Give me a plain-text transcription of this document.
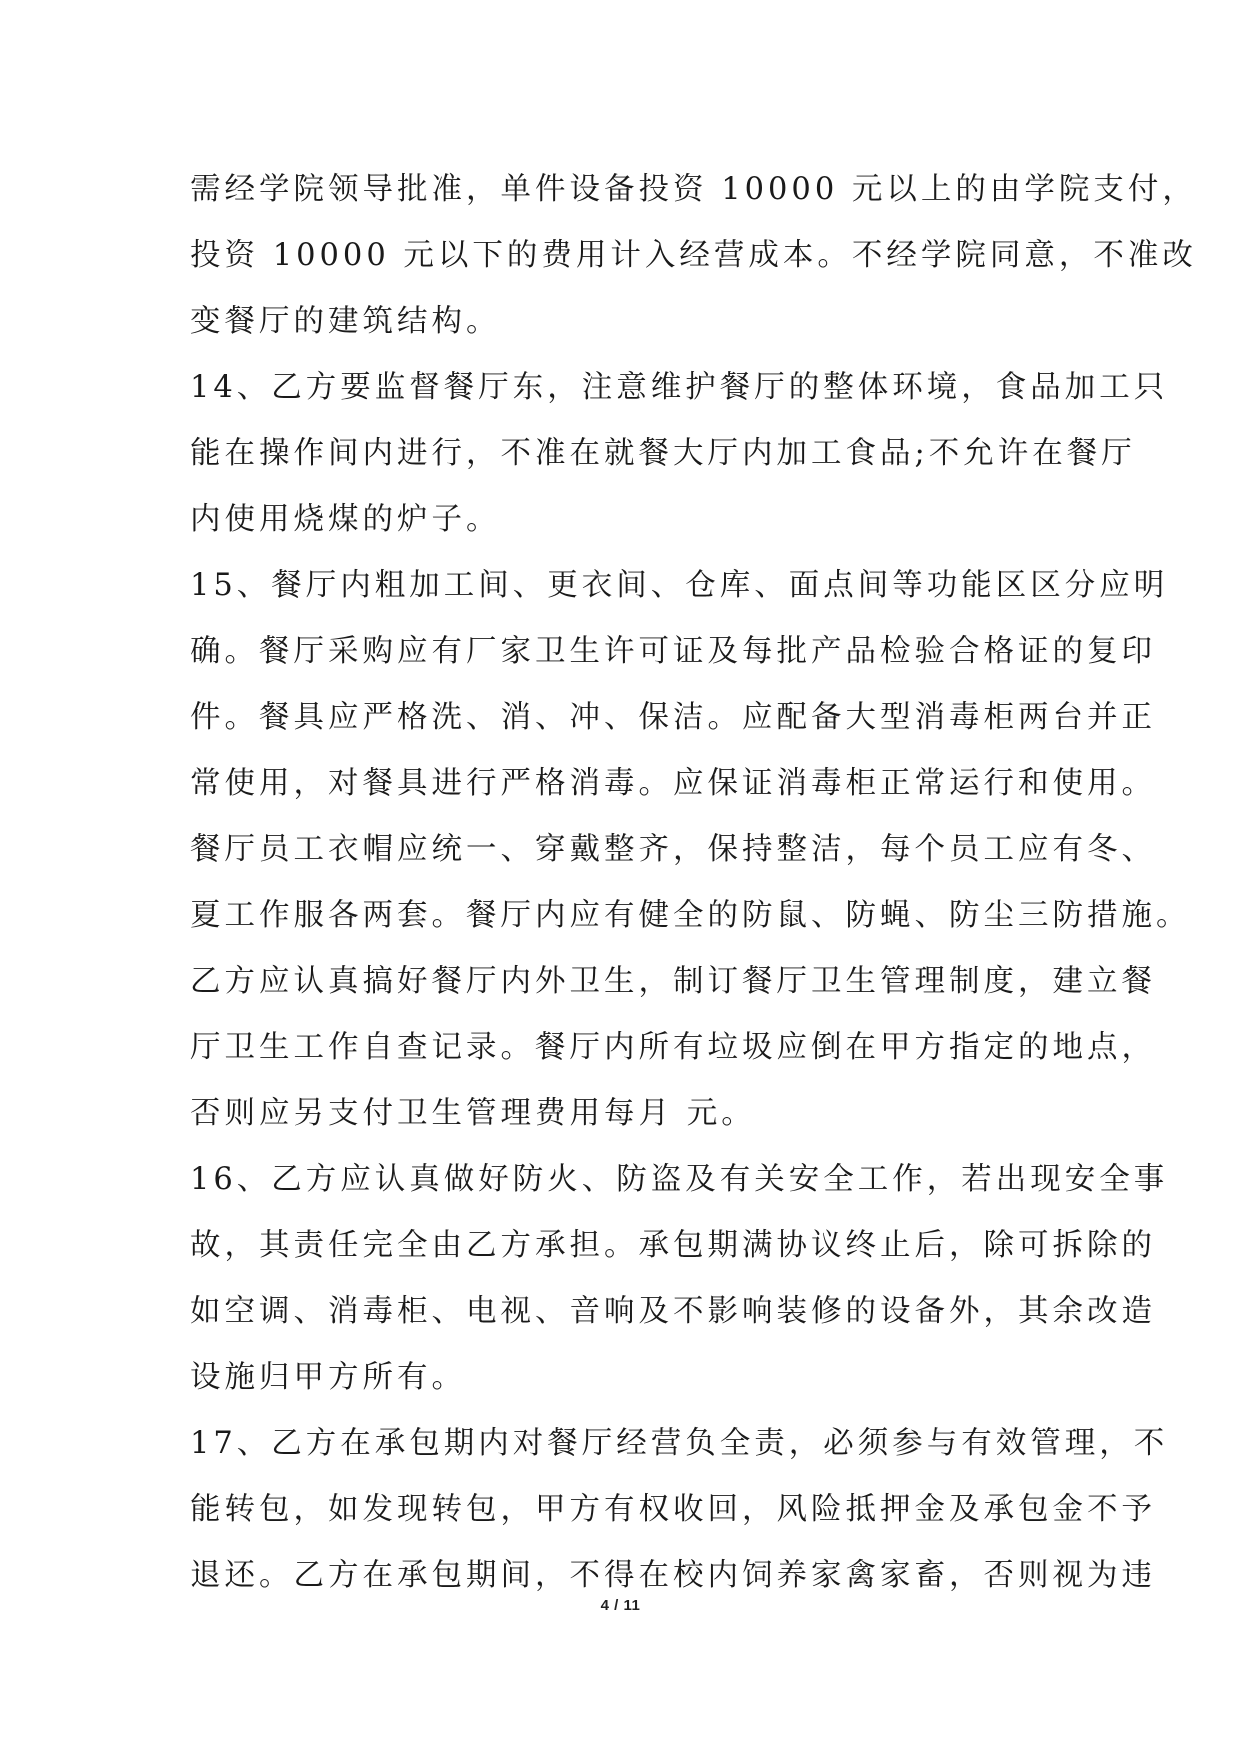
需经学院领导批准，单件设备投资 10000 元以上的由学院支付，
投资 10000 元以下的费用计入经营成本。不经学院同意，不准改
变餐厅的建筑结构。
14、乙方要监督餐厅东，注意维护餐厅的整体环境，食品加工只
能在操作间内进行，不准在就餐大厅内加工食品;不允许在餐厅
内使用烧煤的炉子。
15、餐厅内粗加工间、更衣间、仓库、面点间等功能区区分应明
确。餐厅采购应有厂家卫生许可证及每批产品检验合格证的复印
件。餐具应严格洗、消、冲、保洁。应配备大型消毒柜两台并正
常使用，对餐具进行严格消毒。应保证消毒柜正常运行和使用。
餐厅员工衣帽应统一、穿戴整齐，保持整洁，每个员工应有冬、
夏工作服各两套。餐厅内应有健全的防鼠、防蝇、防尘三防措施。
乙方应认真搞好餐厅内外卫生，制订餐厅卫生管理制度，建立餐
厅卫生工作自查记录。餐厅内所有垃圾应倒在甲方指定的地点，
否则应另支付卫生管理费用每月 元。
16、乙方应认真做好防火、防盗及有关安全工作，若出现安全事
故，其责任完全由乙方承担。承包期满协议终止后，除可拆除的
如空调、消毒柜、电视、音响及不影响装修的设备外，其余改造
设施归甲方所有。
17、乙方在承包期内对餐厅经营负全责，必须参与有效管理，不
能转包，如发现转包，甲方有权收回，风险抵押金及承包金不予
退还。乙方在承包期间，不得在校内饲养家禽家畜，否则视为违
4 / 11
